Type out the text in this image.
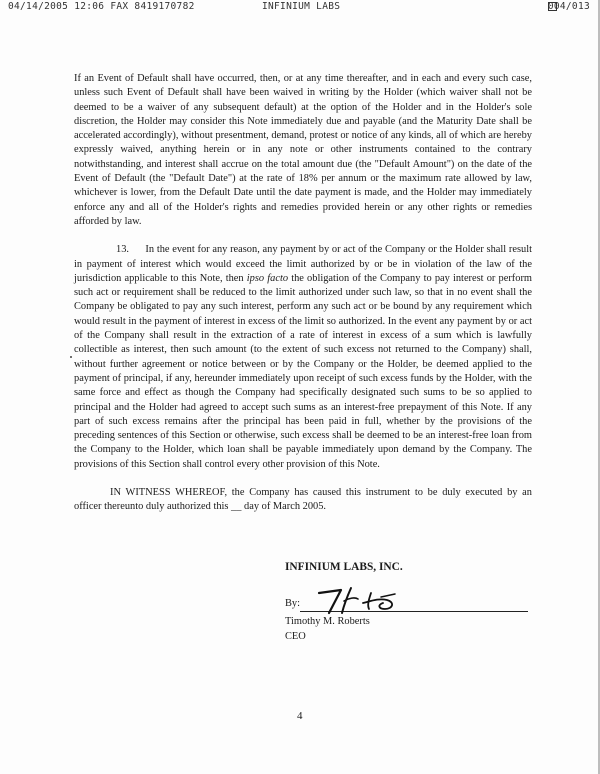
04/14/2005 12:06 FAX 8419170782	INFINIUM LABS	004/013

If an Event of Default shall have occurred, then, or at any time thereafter, and in each and every such case, unless such Event of Default shall have been waived in writing by the Holder (which waiver shall not be deemed to be a waiver of any subsequent default) at the option of the Holder and in the Holder's sole discretion, the Holder may consider this Note immediately due and payable (and the Maturity Date shall be accelerated accordingly), without presentment, demand, protest or notice of any kinds, all of which are hereby expressly waived, anything herein or in any note or other instruments contained to the contrary notwithstanding, and interest shall accrue on the total amount due (the "Default Amount") on the date of the Event of Default (the "Default Date") at the rate of 18% per annum or the maximum rate allowed by law, whichever is lower, from the Default Date until the date payment is made, and the Holder may immediately enforce any and all of the Holder's rights and remedies provided herein or any other rights or remedies afforded by law.

13. In the event for any reason, any payment by or act of the Company or the Holder shall result in payment of interest which would exceed the limit authorized by or be in violation of the law of the jurisdiction applicable to this Note, then ipso facto the obligation of the Company to pay interest or perform such act or requirement shall be reduced to the limit authorized under such law, so that in no event shall the Company be obligated to pay any such interest, perform any such act or be bound by any requirement which would result in the payment of interest in excess of the limit so authorized. In the event any payment by or act of the Company shall result in the extraction of a rate of interest in excess of a sum which is lawfully collectible as interest, then such amount (to the extent of such excess not returned to the Company) shall, without further agreement or notice between or by the Company or the Holder, be deemed applied to the payment of principal, if any, hereunder immediately upon receipt of such excess funds by the Holder, with the same force and effect as though the Company had specifically designated such sums to be so applied to principal and the Holder had agreed to accept such sums as an interest-free prepayment of this Note. If any part of such excess remains after the principal has been paid in full, whether by the provisions of the preceding sentences of this Section or otherwise, such excess shall be deemed to be an interest-free loan from the Company to the Holder, which loan shall be payable immediately upon demand by the Company. The provisions of this Section shall control every other provision of this Note.

IN WITNESS WHEREOF, the Company has caused this instrument to be duly executed by an officer thereunto duly authorized this __ day of March 2005.

INFINIUM LABS, INC.
By:
Timothy M. Roberts
CEO
4
